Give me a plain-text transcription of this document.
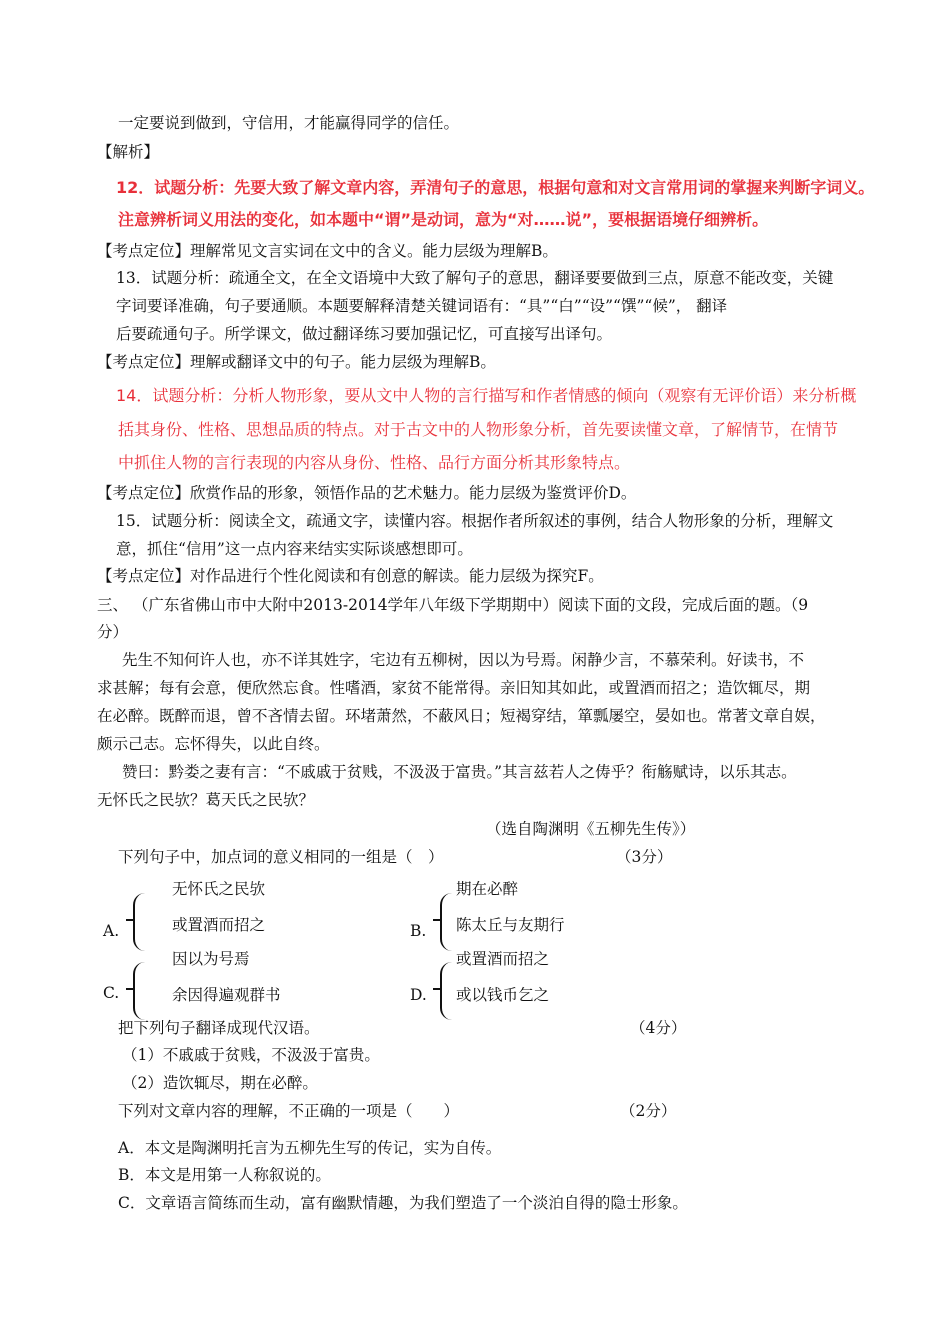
一定要说到做到，守信用，才能赢得同学的信任。
【解析】
12．试题分析：先要大致了解文章内容，弄清句子的意思，根据句意和对文言常用词的掌握来判断字词义。
注意辨析词义用法的变化，如本题中“谓”是动词，意为“对……说”，要根据语境仔细辨析。
【考点定位】理解常见文言实词在文中的含义。能力层级为理解B。
13．试题分析：疏通全文，在全文语境中大致了解句子的意思，翻译要要做到三点，原意不能改变，关键
字词要译准确，句子要通顺。本题要解释清楚关键词语有：“具”“白”“设”“馔”“候”， 翻译
后要疏通句子。所学课文，做过翻译练习要加强记忆，可直接写出译句。
【考点定位】理解或翻译文中的句子。能力层级为理解B。
14．试题分析：分析人物形象，要从文中人物的言行描写和作者情感的倾向（观察有无评价语）来分析概
括其身份、性格、思想品质的特点。对于古文中的人物形象分析，首先要读懂文章，了解情节，在情节
中抓住人物的言行表现的内容从身份、性格、品行方面分析其形象特点。
【考点定位】欣赏作品的形象，领悟作品的艺术魅力。能力层级为鉴赏评价D。
15．试题分析：阅读全文，疏通文字，读懂内容。根据作者所叙述的事例，结合人物形象的分析，理解文
意，抓住“信用”这一点内容来结实实际谈感想即可。
【考点定位】对作品进行个性化阅读和有创意的解读。能力层级为探究F。
三、 （广东省佛山市中大附中2013-2014学年八年级下学期期中）阅读下面的文段，完成后面的题。（9
分）
先生不知何许人也，亦不详其姓字，宅边有五柳树，因以为号焉。闲静少言，不慕荣利。好读书，不
求甚解；每有会意，便欣然忘食。性嗜酒，家贫不能常得。亲旧知其如此，或置酒而招之；造饮辄尽，期
在必醉。既醉而退，曾不吝情去留。环堵萧然，不蔽风日；短褐穿结，箪瓢屡空，晏如也。常著文章自娱，
颇示己志。忘怀得失，以此自终。
赞曰：黔娄之妻有言：“不戚戚于贫贱，不汲汲于富贵。”其言兹若人之俦乎？衔觞赋诗，以乐其志。
无怀氏之民欤？葛天氏之民欤？
（选自陶渊明《五柳先生传》）
下列句子中，加点词的意义相同的一组是（　）	（3分）
A.
无怀氏之民欤
或置酒而招之	B.
期在必醉
陈太丘与友期行
C.
因以为号焉
余因得遍观群书	D.
或置酒而招之
或以钱币乞之
把下列句子翻译成现代汉语。	（4分）
（1）不戚戚于贫贱，不汲汲于富贵。
（2）造饮辄尽，期在必醉。
下列对文章内容的理解，不正确的一项是（　　）	（2分）
A．本文是陶渊明托言为五柳先生写的传记，实为自传。
B．本文是用第一人称叙说的。
C．文章语言简练而生动，富有幽默情趣，为我们塑造了一个淡泊自得的隐士形象。
